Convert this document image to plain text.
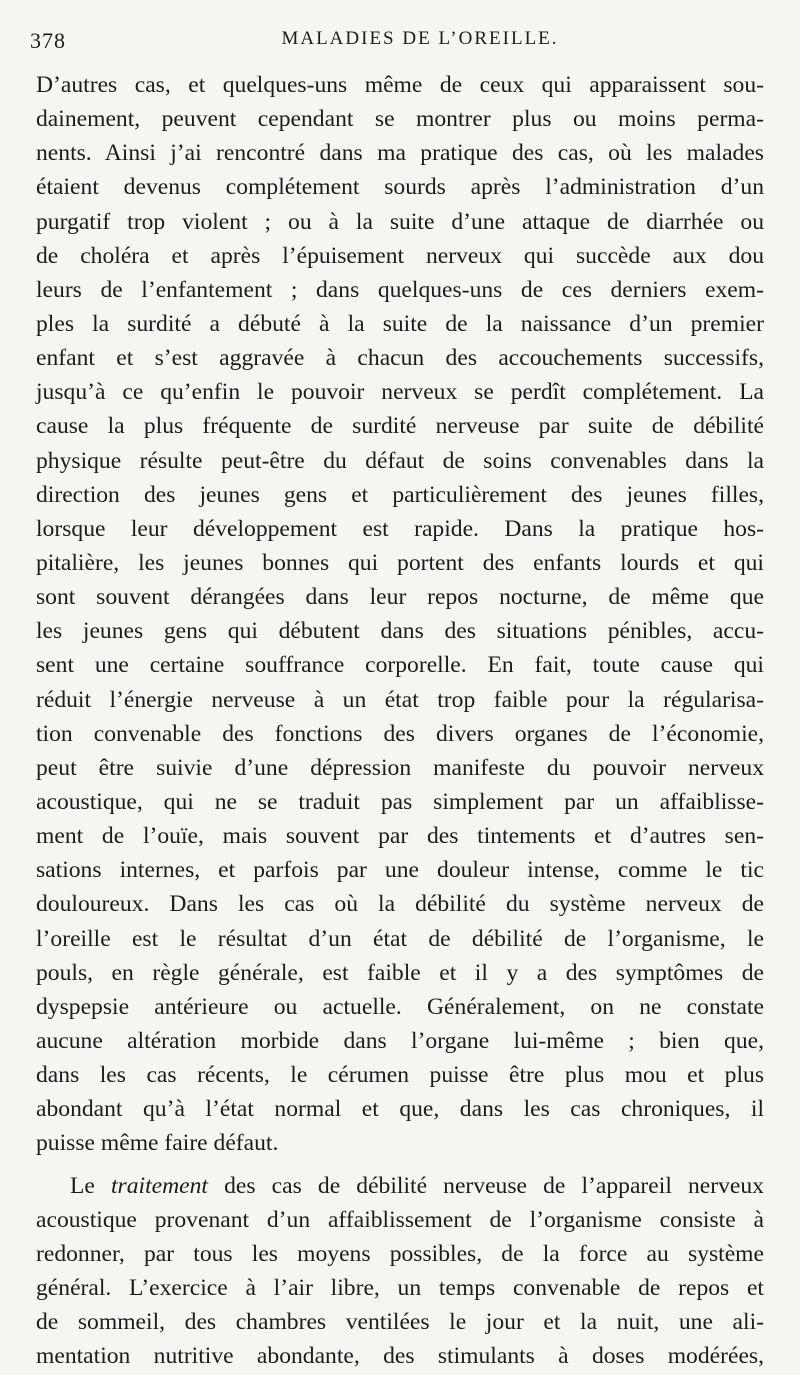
378	MALADIES DE L’OREILLE.
D’autres cas, et quelques-uns même de ceux qui apparaissent sou-
dainement, peuvent cependant se montrer plus ou moins perma-
nents. Ainsi j’ai rencontré dans ma pratique des cas, où les malades
étaient devenus complétement sourds après l’administration d’un
purgatif trop violent ; ou à la suite d’une attaque de diarrhée ou
de choléra et après l’épuisement nerveux qui succède aux dou
leurs de l’enfantement ; dans quelques-uns de ces derniers exem-
ples la surdité a débuté à la suite de la naissance d’un premier
enfant et s’est aggravée à chacun des accouchements successifs,
jusqu’à ce qu’enfin le pouvoir nerveux se perdît complétement. La
cause la plus fréquente de surdité nerveuse par suite de débilité
physique résulte peut-être du défaut de soins convenables dans la
direction des jeunes gens et particulièrement des jeunes filles,
lorsque leur développement est rapide. Dans la pratique hos-
pitalière, les jeunes bonnes qui portent des enfants lourds et qui
sont souvent dérangées dans leur repos nocturne, de même que
les jeunes gens qui débutent dans des situations pénibles, accu-
sent une certaine souffrance corporelle. En fait, toute cause qui
réduit l’énergie nerveuse à un état trop faible pour la régularisa-
tion convenable des fonctions des divers organes de l’économie,
peut être suivie d’une dépression manifeste du pouvoir nerveux
acoustique, qui ne se traduit pas simplement par un affaiblisse-
ment de l’ouïe, mais souvent par des tintements et d’autres sen-
sations internes, et parfois par une douleur intense, comme le tic
douloureux. Dans les cas où la débilité du système nerveux de
l’oreille est le résultat d’un état de débilité de l’organisme, le
pouls, en règle générale, est faible et il y a des symptômes de
dyspepsie antérieure ou actuelle. Généralement, on ne constate
aucune altération morbide dans l’organe lui-même ; bien que,
dans les cas récents, le cérumen puisse être plus mou et plus
abondant qu’à l’état normal et que, dans les cas chroniques, il
puisse même faire défaut.
Le traitement des cas de débilité nerveuse de l’appareil nerveux
acoustique provenant d’un affaiblissement de l’organisme consiste à
redonner, par tous les moyens possibles, de la force au système
général. L’exercice à l’air libre, un temps convenable de repos et
de sommeil, des chambres ventilées le jour et la nuit, une ali-
mentation nutritive abondante, des stimulants à doses modérées,
